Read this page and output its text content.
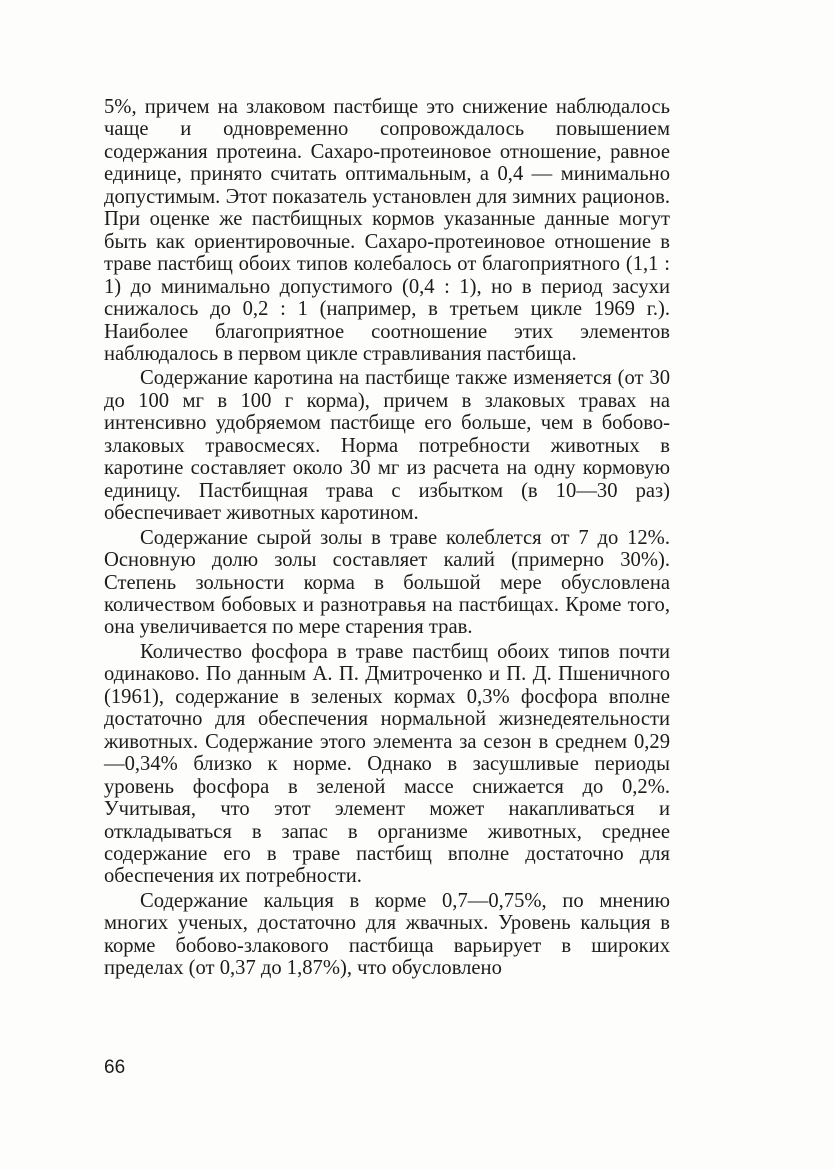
5%, причем на злаковом пастбище это снижение наблюдалось чаще и одновременно сопровождалось повышением содержания протеина. Сахаро-протеиновое отношение, равное единице, принято считать оптимальным, а 0,4 — минимально допустимым. Этот показатель установлен для зимних рационов. При оценке же пастбищных кормов указанные данные могут быть как ориентировочные. Сахаро-протеиновое отношение в траве пастбищ обоих типов колебалось от благоприятного (1,1 : 1) до минимально допустимого (0,4 : 1), но в период засухи снижалось до 0,2 : 1 (например, в третьем цикле 1969 г.). Наиболее благоприятное соотношение этих элементов наблюдалось в первом цикле стравливания пастбища.

Содержание каротина на пастбище также изменяется (от 30 до 100 мг в 100 г корма), причем в злаковых травах на интенсивно удобряемом пастбище его больше, чем в бобово-злаковых травосмесях. Норма потребности животных в каротине составляет около 30 мг из расчета на одну кормовую единицу. Пастбищная трава с избытком (в 10—30 раз) обеспечивает животных каротином.

Содержание сырой золы в траве колеблется от 7 до 12%. Основную долю золы составляет калий (примерно 30%). Степень зольности корма в большой мере обусловлена количеством бобовых и разнотравья на пастбищах. Кроме того, она увеличивается по мере старения трав.

Количество фосфора в траве пастбищ обоих типов почти одинаково. По данным А. П. Дмитроченко и П. Д. Пшеничного (1961), содержание в зеленых кормах 0,3% фосфора вполне достаточно для обеспечения нормальной жизнедеятельности животных. Содержание этого элемента за сезон в среднем 0,29—0,34% близко к норме. Однако в засушливые периоды уровень фосфора в зеленой массе снижается до 0,2%. Учитывая, что этот элемент может накапливаться и откладываться в запас в организме животных, среднее содержание его в траве пастбищ вполне достаточно для обеспечения их потребности.

Содержание кальция в корме 0,7—0,75%, по мнению многих ученых, достаточно для жвачных. Уровень кальция в корме бобово-злакового пастбища варьирует в широких пределах (от 0,37 до 1,87%), что обусловлено

66
